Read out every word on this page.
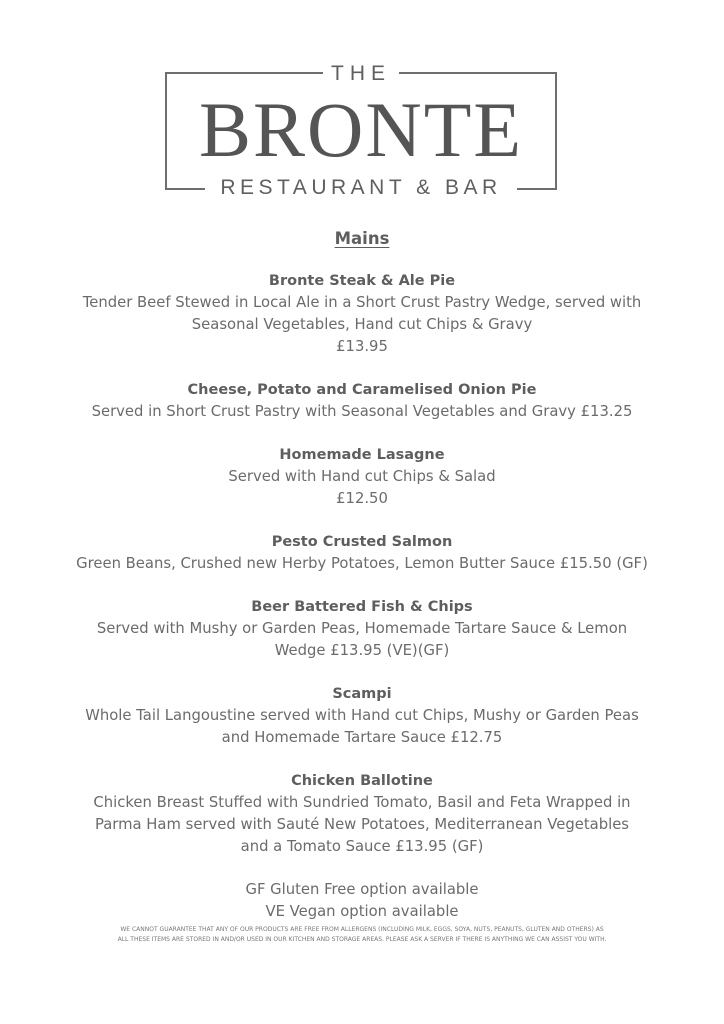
THE
BRONTE
RESTAURANT & BAR
Mains
Bronte Steak & Ale Pie
Tender Beef Stewed in Local Ale in a Short Crust Pastry Wedge, served with
Seasonal Vegetables, Hand cut Chips & Gravy
£13.95
Cheese, Potato and Caramelised Onion Pie
Served in Short Crust Pastry with Seasonal Vegetables and Gravy £13.25
Homemade Lasagne
Served with Hand cut Chips & Salad
£12.50
Pesto Crusted Salmon
Green Beans, Crushed new Herby Potatoes, Lemon Butter Sauce £15.50 (GF)
Beer Battered Fish & Chips
Served with Mushy or Garden Peas, Homemade Tartare Sauce & Lemon
Wedge £13.95 (VE)(GF)
Scampi
Whole Tail Langoustine served with Hand cut Chips, Mushy or Garden Peas
and Homemade Tartare Sauce £12.75
Chicken Ballotine
Chicken Breast Stuffed with Sundried Tomato, Basil and Feta Wrapped in
Parma Ham served with Sauté New Potatoes, Mediterranean Vegetables
and a Tomato Sauce £13.95 (GF)
GF Gluten Free option available
VE Vegan option available
WE CANNOT GUARANTEE THAT ANY OF OUR PRODUCTS ARE FREE FROM ALLERGENS (INCLUDING MILK, EGGS, SOYA, NUTS, PEANUTS, GLUTEN AND OTHERS) AS
ALL THESE ITEMS ARE STORED IN AND/OR USED IN OUR KITCHEN AND STORAGE AREAS. PLEASE ASK A SERVER IF THERE IS ANYTHING WE CAN ASSIST YOU WITH.
